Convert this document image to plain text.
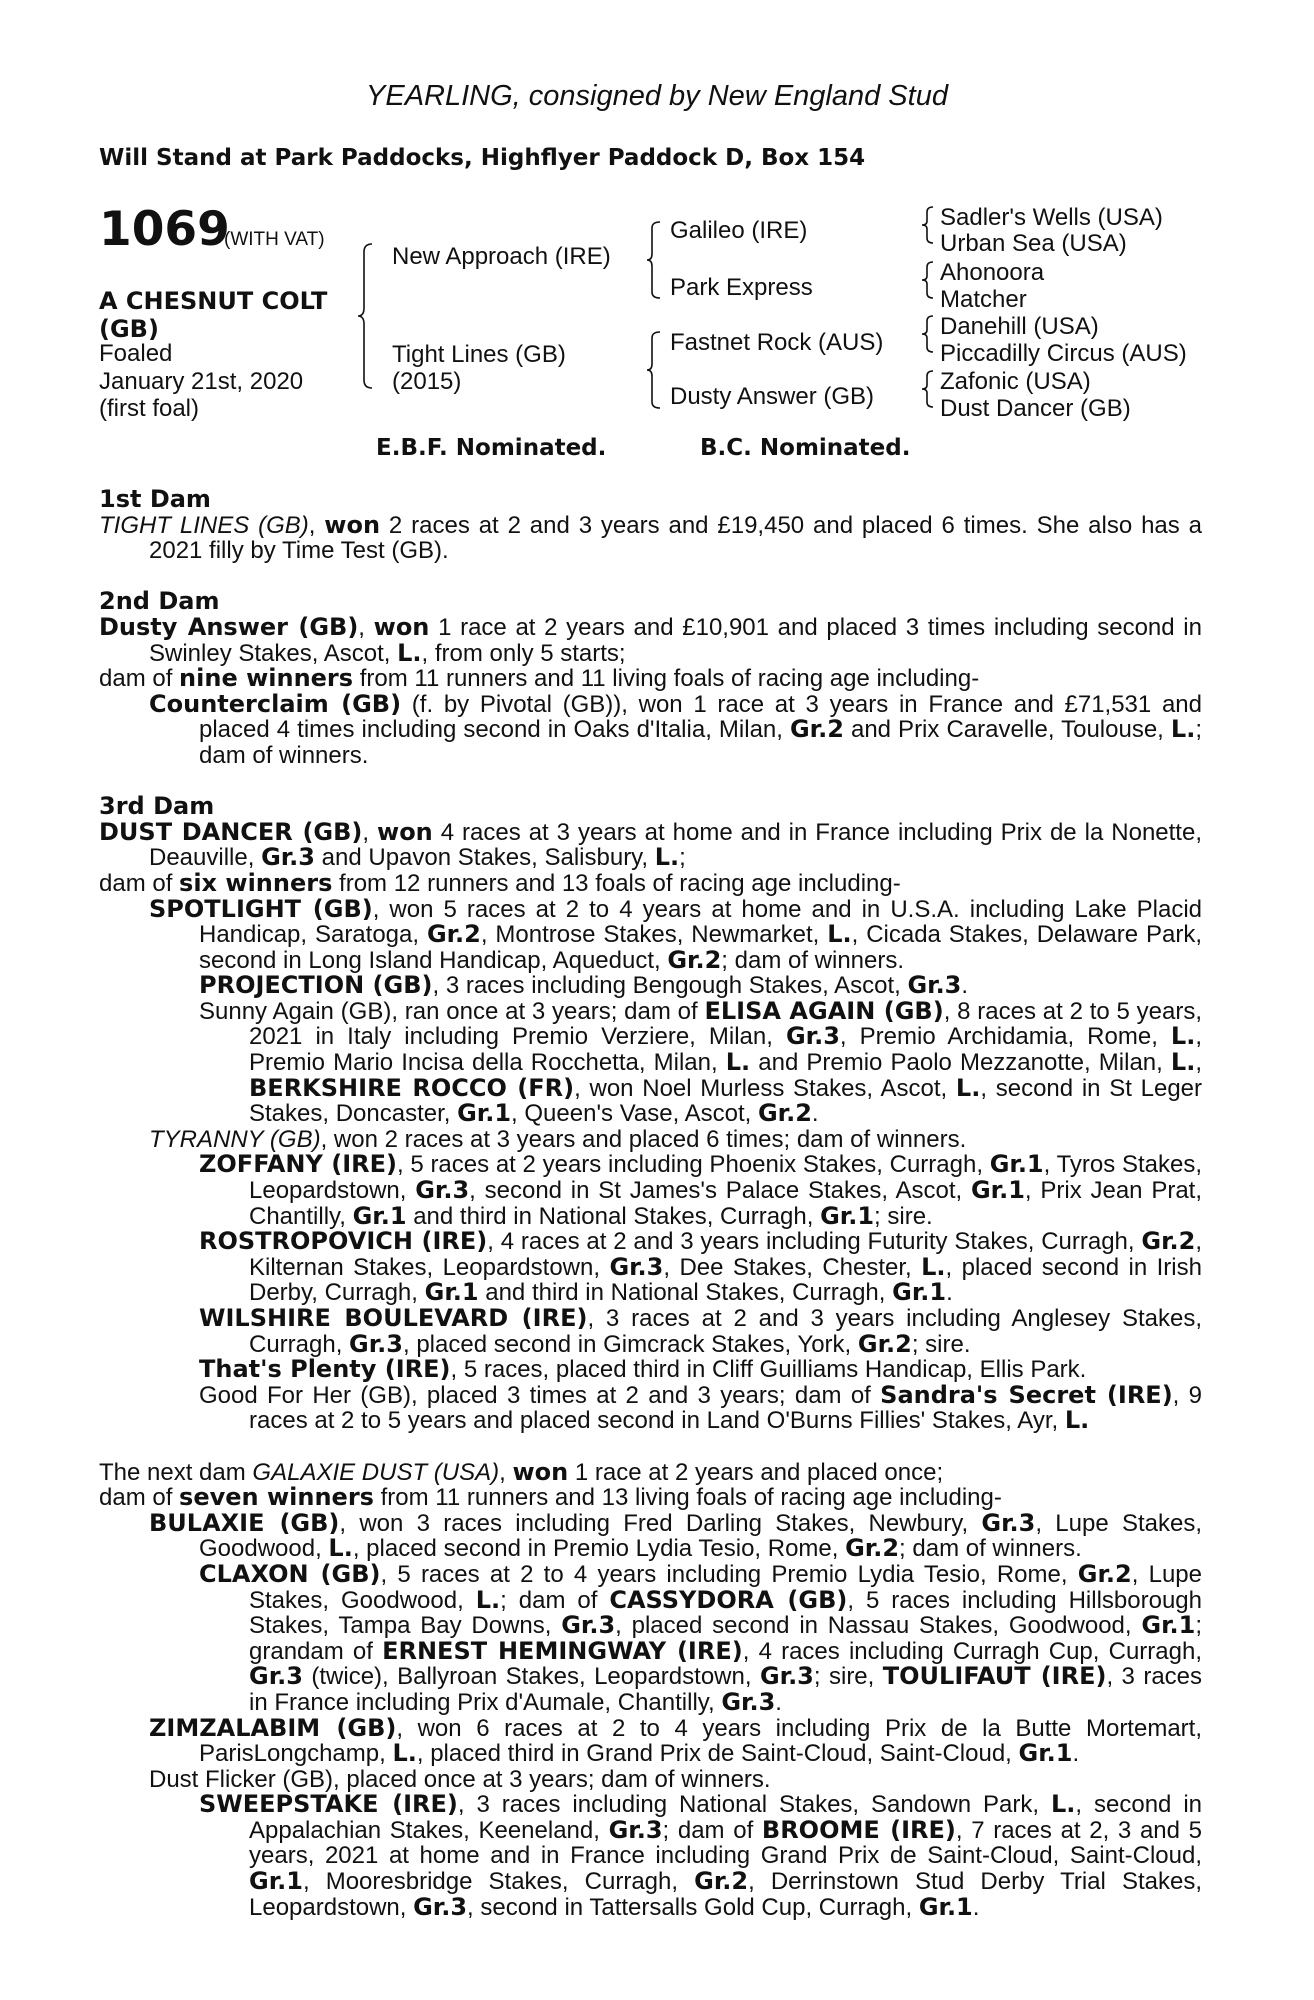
YEARLING, consigned by New England Stud
Will Stand at Park Paddocks, Highflyer Paddock D, Box 154
1069
(WITH VAT)
A CHESNUT COLT
(GB)
Foaled
January 21st, 2020
(first foal)
New Approach (IRE)
Tight Lines (GB)
(2015)
Galileo (IRE)
Park Express
Fastnet Rock (AUS)
Dusty Answer (GB)
Sadler's Wells (USA)
Urban Sea (USA)
Ahonoora
Matcher
Danehill (USA)
Piccadilly Circus (AUS)
Zafonic (USA)
Dust Dancer (GB)
E.B.F. Nominated.	B.C. Nominated.
1st Dam
TIGHT LINES (GB), won 2 races at 2 and 3 years and £19,450 and placed 6 times. She also has a 2021 filly by Time Test (GB).
2nd Dam
Dusty Answer (GB), won 1 race at 2 years and £10,901 and placed 3 times including second in Swinley Stakes, Ascot, L., from only 5 starts;
dam of nine winners from 11 runners and 11 living foals of racing age including-
Counterclaim (GB) (f. by Pivotal (GB)), won 1 race at 3 years in France and £71,531 and placed 4 times including second in Oaks d'Italia, Milan, Gr.2 and Prix Caravelle, Toulouse, L.; dam of winners.
3rd Dam
DUST DANCER (GB), won 4 races at 3 years at home and in France including Prix de la Nonette, Deauville, Gr.3 and Upavon Stakes, Salisbury, L.;
dam of six winners from 12 runners and 13 foals of racing age including-
SPOTLIGHT (GB), won 5 races at 2 to 4 years at home and in U.S.A. including Lake Placid Handicap, Saratoga, Gr.2, Montrose Stakes, Newmarket, L., Cicada Stakes, Delaware Park, second in Long Island Handicap, Aqueduct, Gr.2; dam of winners.
PROJECTION (GB), 3 races including Bengough Stakes, Ascot, Gr.3.
Sunny Again (GB), ran once at 3 years; dam of ELISA AGAIN (GB), 8 races at 2 to 5 years, 2021 in Italy including Premio Verziere, Milan, Gr.3, Premio Archidamia, Rome, L., Premio Mario Incisa della Rocchetta, Milan, L. and Premio Paolo Mezzanotte, Milan, L., BERKSHIRE ROCCO (FR), won Noel Murless Stakes, Ascot, L., second in St Leger Stakes, Doncaster, Gr.1, Queen's Vase, Ascot, Gr.2.
TYRANNY (GB), won 2 races at 3 years and placed 6 times; dam of winners.
ZOFFANY (IRE), 5 races at 2 years including Phoenix Stakes, Curragh, Gr.1, Tyros Stakes, Leopardstown, Gr.3, second in St James's Palace Stakes, Ascot, Gr.1, Prix Jean Prat, Chantilly, Gr.1 and third in National Stakes, Curragh, Gr.1; sire.
ROSTROPOVICH (IRE), 4 races at 2 and 3 years including Futurity Stakes, Curragh, Gr.2, Kilternan Stakes, Leopardstown, Gr.3, Dee Stakes, Chester, L., placed second in Irish Derby, Curragh, Gr.1 and third in National Stakes, Curragh, Gr.1.
WILSHIRE BOULEVARD (IRE), 3 races at 2 and 3 years including Anglesey Stakes, Curragh, Gr.3, placed second in Gimcrack Stakes, York, Gr.2; sire.
That's Plenty (IRE), 5 races, placed third in Cliff Guilliams Handicap, Ellis Park.
Good For Her (GB), placed 3 times at 2 and 3 years; dam of Sandra's Secret (IRE), 9 races at 2 to 5 years and placed second in Land O'Burns Fillies' Stakes, Ayr, L.
The next dam GALAXIE DUST (USA), won 1 race at 2 years and placed once;
dam of seven winners from 11 runners and 13 living foals of racing age including-
BULAXIE (GB), won 3 races including Fred Darling Stakes, Newbury, Gr.3, Lupe Stakes, Goodwood, L., placed second in Premio Lydia Tesio, Rome, Gr.2; dam of winners.
CLAXON (GB), 5 races at 2 to 4 years including Premio Lydia Tesio, Rome, Gr.2, Lupe Stakes, Goodwood, L.; dam of CASSYDORA (GB), 5 races including Hillsborough Stakes, Tampa Bay Downs, Gr.3, placed second in Nassau Stakes, Goodwood, Gr.1; grandam of ERNEST HEMINGWAY (IRE), 4 races including Curragh Cup, Curragh, Gr.3 (twice), Ballyroan Stakes, Leopardstown, Gr.3; sire, TOULIFAUT (IRE), 3 races in France including Prix d'Aumale, Chantilly, Gr.3.
ZIMZALABIM (GB), won 6 races at 2 to 4 years including Prix de la Butte Mortemart, ParisLongchamp, L., placed third in Grand Prix de Saint-Cloud, Saint-Cloud, Gr.1.
Dust Flicker (GB), placed once at 3 years; dam of winners.
SWEEPSTAKE (IRE), 3 races including National Stakes, Sandown Park, L., second in Appalachian Stakes, Keeneland, Gr.3; dam of BROOME (IRE), 7 races at 2, 3 and 5 years, 2021 at home and in France including Grand Prix de Saint-Cloud, Saint-Cloud, Gr.1, Mooresbridge Stakes, Curragh, Gr.2, Derrinstown Stud Derby Trial Stakes, Leopardstown, Gr.3, second in Tattersalls Gold Cup, Curragh, Gr.1.
